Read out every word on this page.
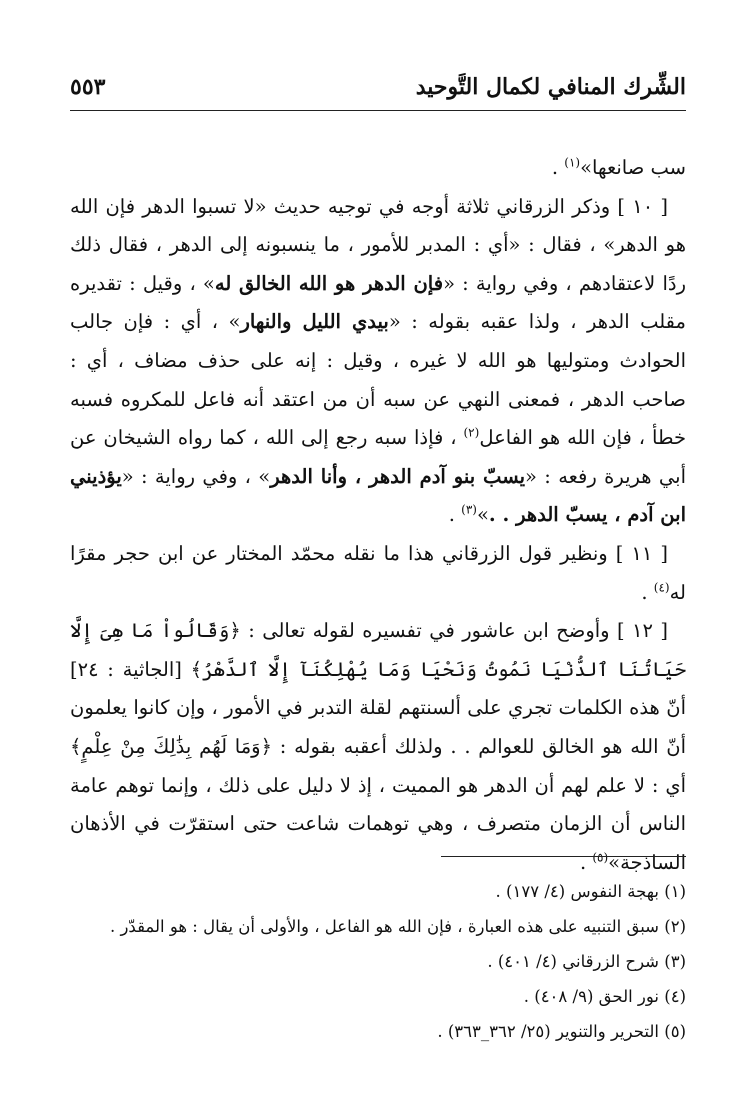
الشِّرك المنافي لكمال التَّوحيد
٥٥٣

سب صانعها»$^{(١)}$ .

[ ١٠ ] وذكر الزرقاني ثلاثة أوجه في توجيه حديث «لا تسبوا الدهر فإن الله هو الدهر» ، فقال : «أي : المدبر للأمور ، ما ينسبونه إلى الدهر ، فقال ذلك ردًا لاعتقادهم ، وفي رواية : «فإن الدهر هو الله الخالق له» ، وقيل : تقديره مقلب الدهر ، ولذا عقبه بقوله : «بيدي الليل والنهار» ، أي : فإن جالب الحوادث ومتوليها هو الله لا غيره ، وقيل : إنه على حذف مضاف ، أي : صاحب الدهر ، فمعنى النهي عن سبه أن من اعتقد أنه فاعل للمكروه فسبه خطأ ، فإن الله هو الفاعل$^{(٢)}$ ، فإذا سبه رجع إلى الله ، كما رواه الشيخان عن أبي هريرة رفعه : «يسبّ بنو آدم الدهر ، وأنا الدهر» ، وفي رواية : «يؤذيني ابن آدم ، يسبّ الدهر . .»$^{(٣)}$ .

[ ١١ ] ونظير قول الزرقاني هذا ما نقله محمّد المختار عن ابن حجر مقرًا له$^{(٤)}$ .

[ ١٢ ] وأوضح ابن عاشور في تفسيره لقوله تعالى : ﴿وَقَالُواْ مَا هِىَ إِلَّا حَيَاتُنَا ٱلدُّنْيَا نَمُوتُ وَنَحْيَا وَمَا يُهْلِكُنَآ إِلَّا ٱلدَّهْرُ﴾ [الجاثية : ٢٤] أنّ هذه الكلمات تجري على ألسنتهم لقلة التدبر في الأمور ، وإن كانوا يعلمون أنّ الله هو الخالق للعوالم . . ولذلك أعقبه بقوله : ﴿وَمَا لَهُم بِذَٰلِكَ مِنْ عِلْمٍ﴾ أي : لا علم لهم أن الدهر هو المميت ، إذ لا دليل على ذلك ، وإنما توهم عامة الناس أن الزمان متصرف ، وهي توهمات شاعت حتى استقرّت في الأذهان الساذجة»$^{(٥)}$ .

(١) بهجة النفوس (٤/ ١٧٧) .
(٢) سبق التنبيه على هذه العبارة ، فإن الله هو الفاعل ، والأولى أن يقال : هو المقدّر .
(٣) شرح الزرقاني (٤/ ٤٠١) .
(٤) نور الحق (٩/ ٤٠٨) .
(٥) التحرير والتنوير (٢٥/ ٣٦٢_٣٦٣) .
